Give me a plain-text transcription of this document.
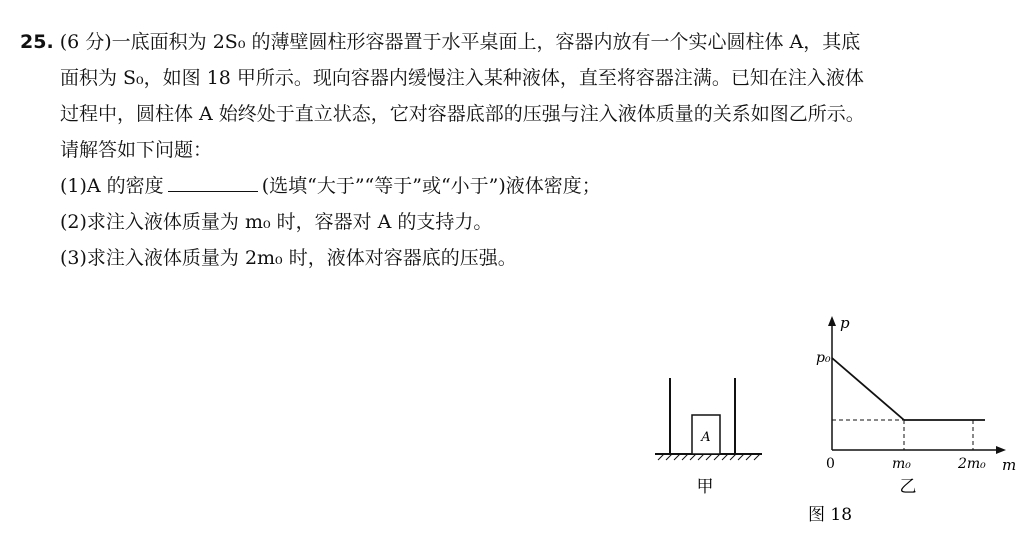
25. (6 分)一底面积为 2S₀ 的薄壁圆柱形容器置于水平桌面上，容器内放有一个实心圆柱体 A，其底
面积为 S₀，如图 18 甲所示。现向容器内缓慢注入某种液体，直至将容器注满。已知在注入液体
过程中，圆柱体 A 始终处于直立状态，它对容器底部的压强与注入液体质量的关系如图乙所示。
请解答如下问题：
(1)A 的密度	(选填“大于”“等于”或“小于”)液体密度；
(2)求注入液体质量为 m₀ 时，容器对 A 的支持力。
(3)求注入液体质量为 2m₀ 时，液体对容器底的压强。
A
p
m
p₀
0	m₀	2m₀
甲	乙
图 18
